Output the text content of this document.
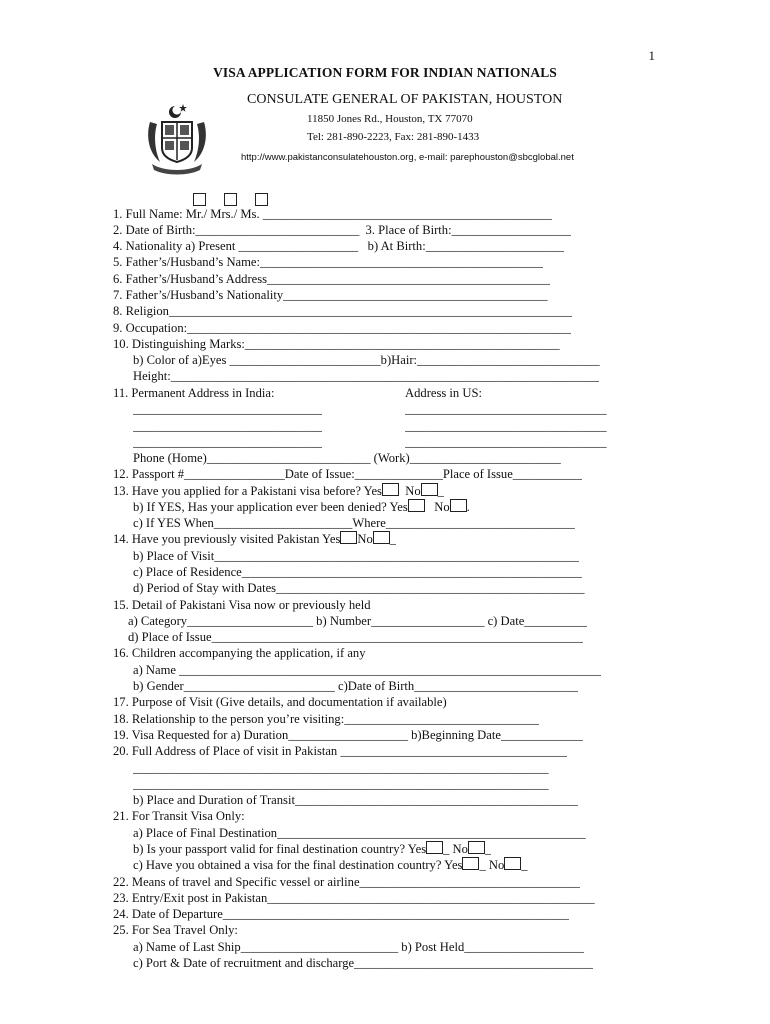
1
VISA APPLICATION FORM FOR INDIAN NATIONALS
CONSULATE GENERAL OF PAKISTAN, HOUSTON
11850 Jones Rd., Houston, TX 77070
Tel: 281-890-2223, Fax: 281-890-1433
http://www.pakistanconsulatehouston.org, e-mail: parephouston@sbcglobal.net
1. Full Name: Mr./ Mrs./ Ms. ______________________________________________
2. Date of Birth:__________________________  3. Place of Birth:___________________
4. Nationality a) Present ___________________   b) At Birth:______________________
5. Father’s/Husband’s Name:_____________________________________________
6. Father’s/Husband’s Address_____________________________________________
7. Father’s/Husband’s Nationality__________________________________________
8. Religion________________________________________________________________
9. Occupation:_____________________________________________________________
10. Distinguishing Marks:__________________________________________________
b) Color of a)Eyes ________________________b)Hair:_____________________________
Height:____________________________________________________________________
11. Permanent Address in India:	Address in US:
______________________________	________________________________
______________________________	________________________________
______________________________	________________________________
Phone (Home)__________________________ (Work)________________________
12. Passport #________________Date of Issue:______________Place of Issue___________
13. Have you applied for a Pakistani visa before? Yes  No _
b) If YES, Has your application ever been denied? Yes   No .
c) If YES When______________________Where______________________________
14. Have you previously visited Pakistan Yes No _
b) Place of Visit__________________________________________________________
c) Place of Residence______________________________________________________
d) Period of Stay with Dates_________________________________________________
15. Detail of Pakistani Visa now or previously held
a) Category____________________ b) Number__________________ c) Date__________
d) Place of Issue___________________________________________________________
16. Children accompanying the application, if any
a) Name ___________________________________________________________________
b) Gender________________________ c)Date of Birth__________________________
17. Purpose of Visit (Give details, and documentation if available)
18. Relationship to the person you’re visiting:_______________________________
19. Visa Requested for a) Duration___________________ b)Beginning Date_____________
20. Full Address of Place of visit in Pakistan ____________________________________
__________________________________________________________________
__________________________________________________________________
b) Place and Duration of Transit_____________________________________________
21. For Transit Visa Only:
a) Place of Final Destination_________________________________________________
b) Is your passport valid for final destination country? Yes _ No _
c) Have you obtained a visa for the final destination country? Yes _ No _
22. Means of travel and Specific vessel or airline___________________________________
23. Entry/Exit post in Pakistan____________________________________________________
24. Date of Departure_______________________________________________________
25. For Sea Travel Only:
a) Name of Last Ship_________________________ b) Post Held___________________
c) Port & Date of recruitment and discharge______________________________________
